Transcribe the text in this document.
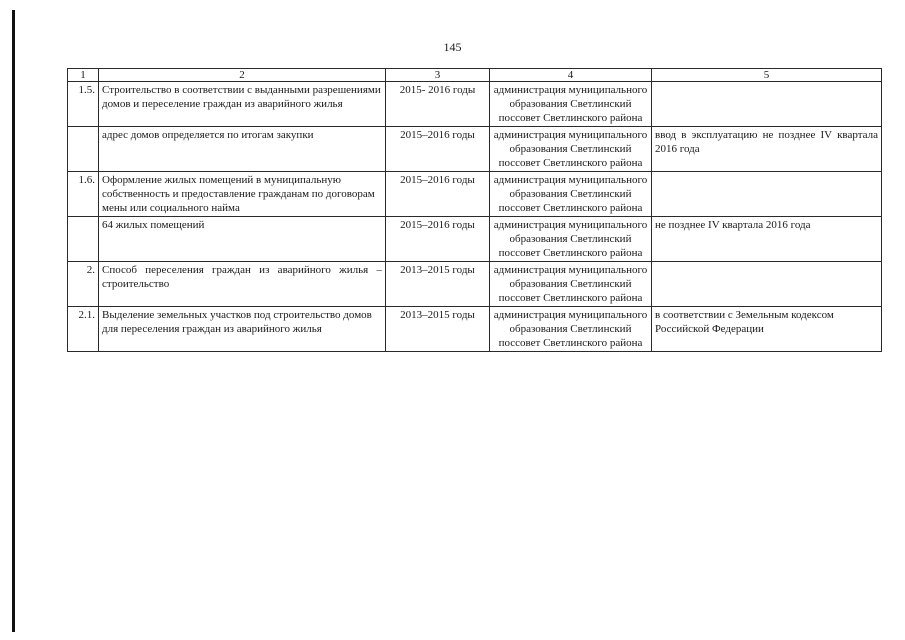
145
1	2	3	4	5
1.5.	Строительство в соответствии с выданными разрешениями домов и переселение граждан из аварийного жилья	2015- 2016 годы	администрация муниципального образования Светлинский поссовет Светлинского района	
	адрес домов определяется по итогам закупки	2015–2016 годы	администрация муниципального образования Светлинский поссовет Светлинского района	ввод в эксплуатацию не позднее IV квартала 2016 года
1.6.	Оформление жилых помещений в муниципальную собственность и предоставление гражданам по договорам мены или социального найма	2015–2016 годы	администрация муниципального образования Светлинский поссовет Светлинского района	
	64 жилых помещений	2015–2016 годы	администрация муниципального образования Светлинский поссовет Светлинского района	не позднее IV квартала 2016 года
2.	Способ переселения граждан из аварийного жилья – строительство	2013–2015 годы	администрация муниципального образования Светлинский поссовет Светлинского района	
2.1.	Выделение земельных участков под строительство домов для переселения граждан из аварийного жилья	2013–2015 годы	администрация муниципального образования Светлинский поссовет Светлинского района	в соответствии с Земельным кодексом Российской Федерации
